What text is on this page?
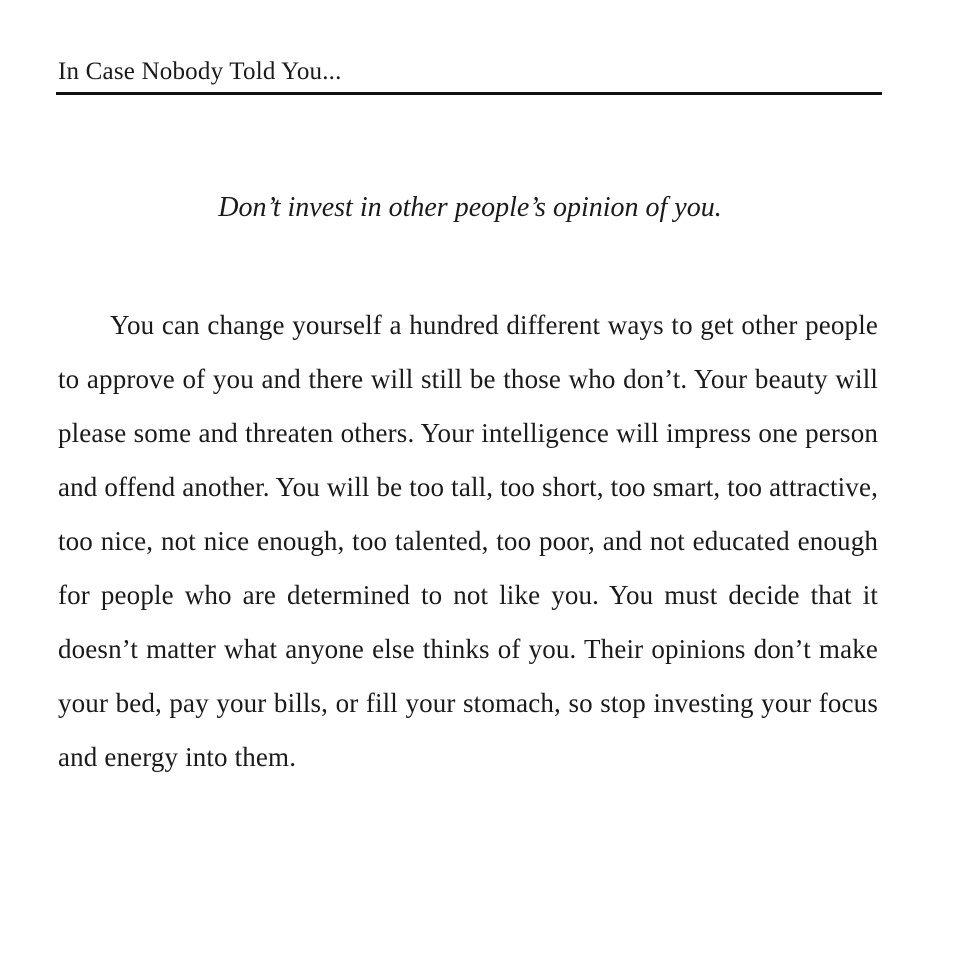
In Case Nobody Told You...
Don’t invest in other people’s opinion of you.

You can change yourself a hundred different ways to get other people to approve of you and there will still be those who don’t. Your beauty will please some and threaten others. Your intelligence will impress one person and offend another. You will be too tall, too short, too smart, too attractive, too nice, not nice enough, too talented, too poor, and not educated enough for people who are determined to not like you. You must decide that it doesn’t matter what anyone else thinks of you. Their opinions don’t make your bed, pay your bills, or fill your stomach, so stop investing your focus and energy into them.
